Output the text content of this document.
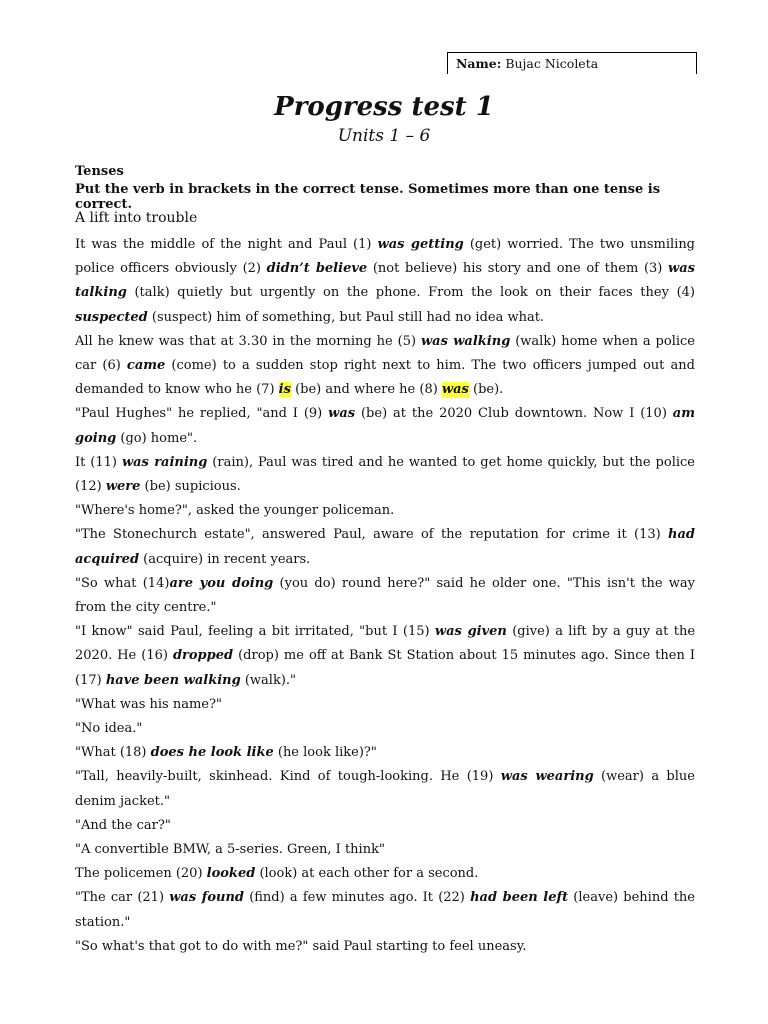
Name: Bujac Nicoleta
Progress test 1
Units 1 – 6
Tenses
Put the verb in brackets in the correct tense. Sometimes more than one tense is correct.
A lift into trouble

It was the middle of the night and Paul (1) was getting (get) worried. The two unsmiling police officers obviously (2) didn’t believe (not believe) his story and one of them (3) was talking (talk) quietly but urgently on the phone. From the look on their faces they (4) suspected (suspect) him of something, but Paul still had no idea what.

All he knew was that at 3.30 in the morning he (5) was walking (walk) home when a police car (6) came (come) to a sudden stop right next to him. The two officers jumped out and demanded to know who he (7) is (be) and where he (8) was (be).

"Paul Hughes" he replied, "and I (9) was (be) at the 2020 Club downtown. Now I (10) am going (go) home".

It (11) was raining (rain), Paul was tired and he wanted to get home quickly, but the police (12) were (be) supicious.

"Where's home?", asked the younger policeman.

"The Stonechurch estate", answered Paul, aware of the reputation for crime it (13) had acquired (acquire) in recent years.

"So what (14)are you doing (you do) round here?" said he older one. "This isn't the way from the city centre."

"I know" said Paul, feeling a bit irritated, "but I (15) was given (give) a lift by a guy at the 2020. He (16) dropped (drop) me off at Bank St Station about 15 minutes ago. Since then I (17) have been walking (walk)."

"What was his name?"

"No idea."

"What (18) does he look like (he look like)?"

"Tall, heavily-built, skinhead. Kind of tough-looking. He (19) was wearing (wear) a blue denim jacket."

"And the car?"

"A convertible BMW, a 5-series. Green, I think"

The policemen (20) looked (look) at each other for a second.

"The car (21) was found (find) a few minutes ago. It (22) had been left (leave) behind the station."

"So what's that got to do with me?" said Paul starting to feel uneasy.
